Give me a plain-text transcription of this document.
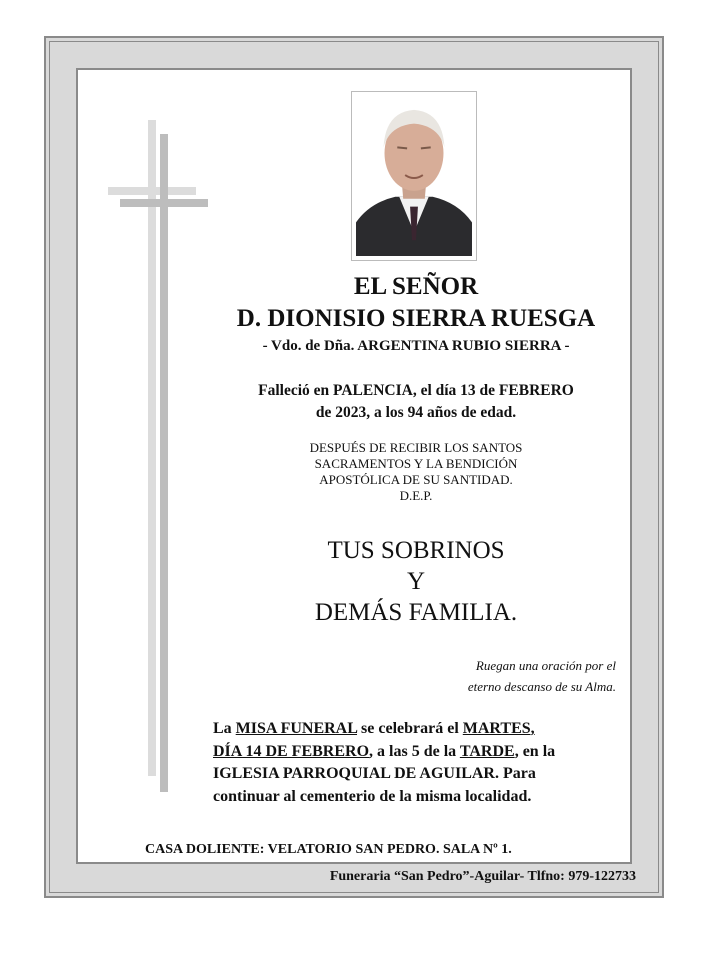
EL SEÑOR
D. DIONISIO SIERRA RUESGA
- Vdo. de Dña. ARGENTINA RUBIO SIERRA -
Falleció en PALENCIA, el día 13 de FEBRERO
de 2023, a los 94 años de edad.
DESPUÉS DE RECIBIR LOS SANTOS
SACRAMENTOS Y LA BENDICIÓN
APOSTÓLICA DE SU SANTIDAD.
D.E.P.
TUS SOBRINOS
Y
DEMÁS FAMILIA.
Ruegan una oración por el
eterno descanso de su Alma.
La MISA FUNERAL se celebrará el MARTES,
DÍA 14 DE FEBRERO, a las 5 de la TARDE, en la
IGLESIA PARROQUIAL DE AGUILAR. Para
continuar al cementerio de la misma localidad.
CASA DOLIENTE: VELATORIO SAN PEDRO. SALA Nº 1.
Funeraria “San Pedro”-Aguilar- Tlfno: 979-122733
